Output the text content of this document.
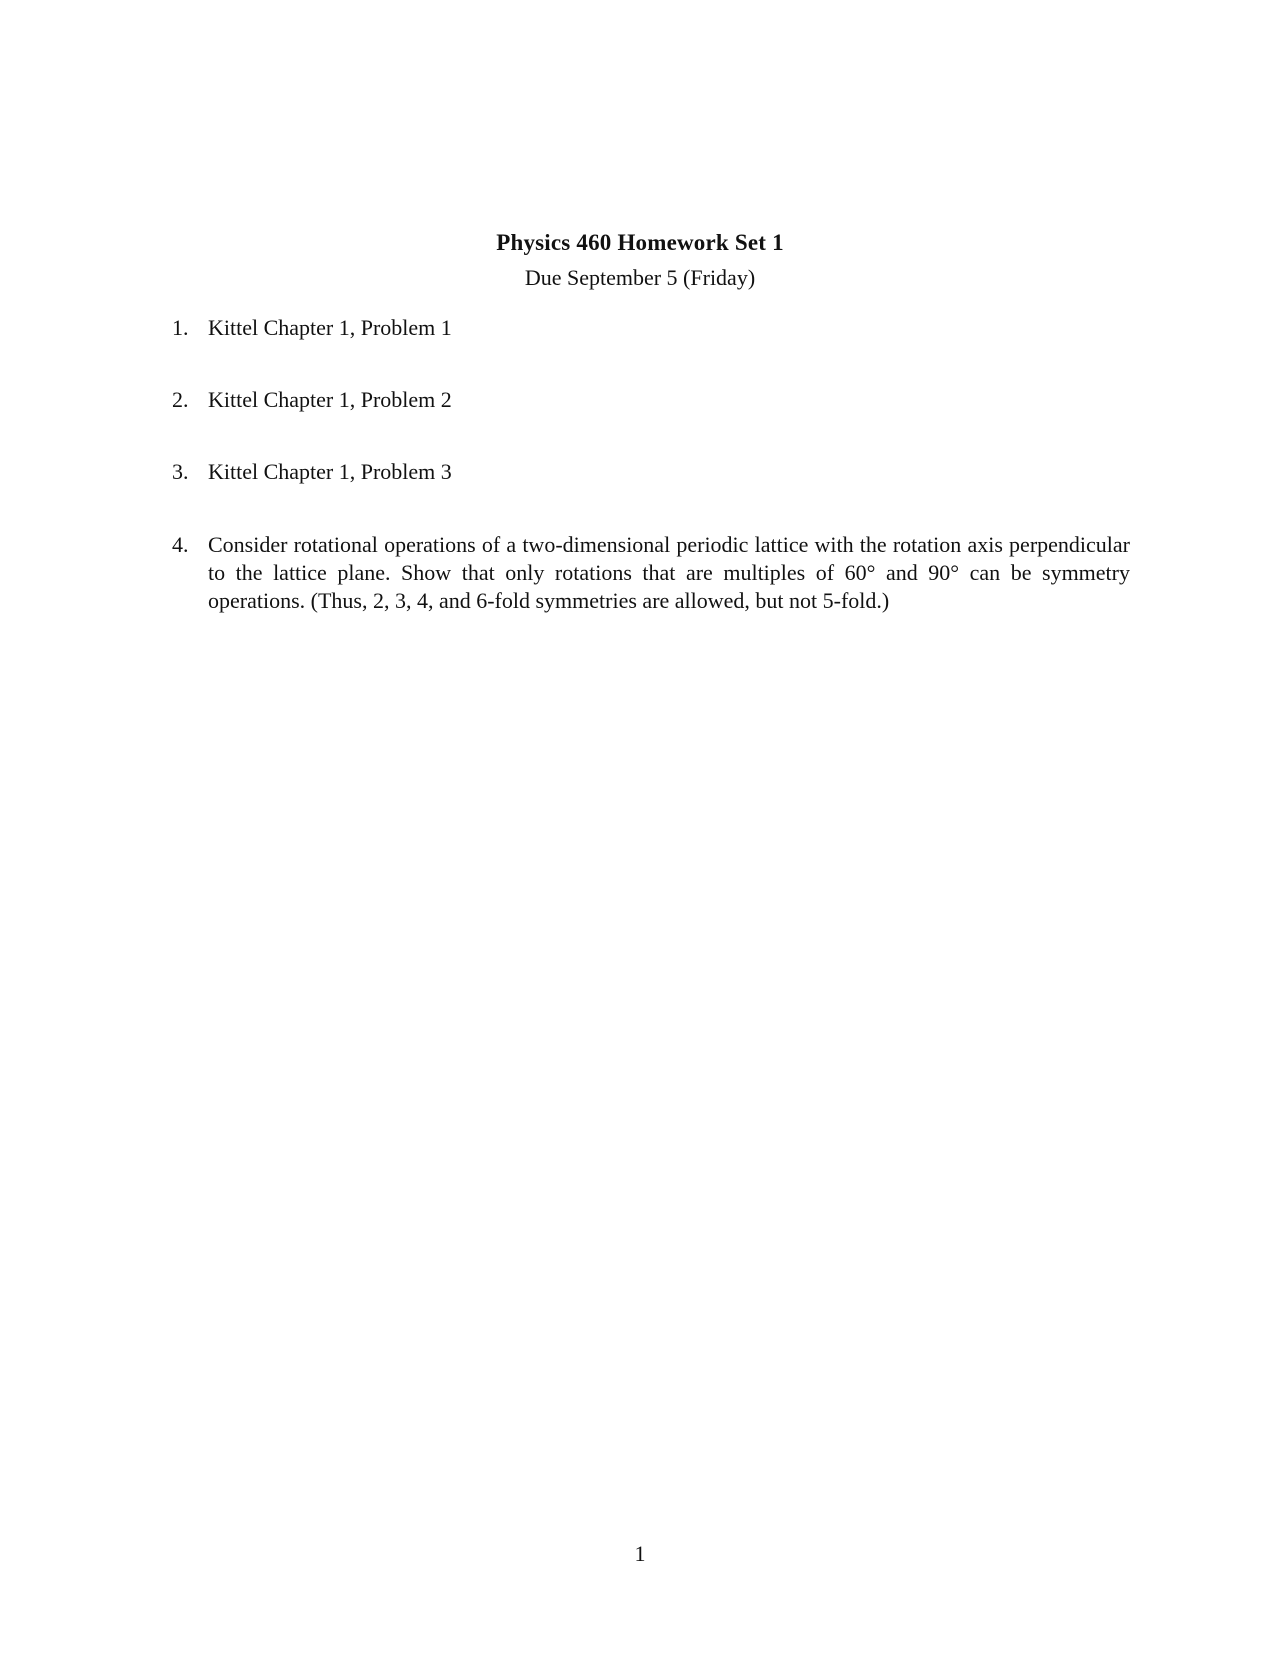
Physics 460 Homework Set 1
Due September 5 (Friday)
1. Kittel Chapter 1, Problem 1
2. Kittel Chapter 1, Problem 2
3. Kittel Chapter 1, Problem 3
4. Consider rotational operations of a two-dimensional periodic lattice with the rotation axis perpendicular to the lattice plane. Show that only rotations that are multiples of 60° and 90° can be symmetry operations. (Thus, 2, 3, 4, and 6-fold symmetries are allowed, but not 5-fold.)
1
